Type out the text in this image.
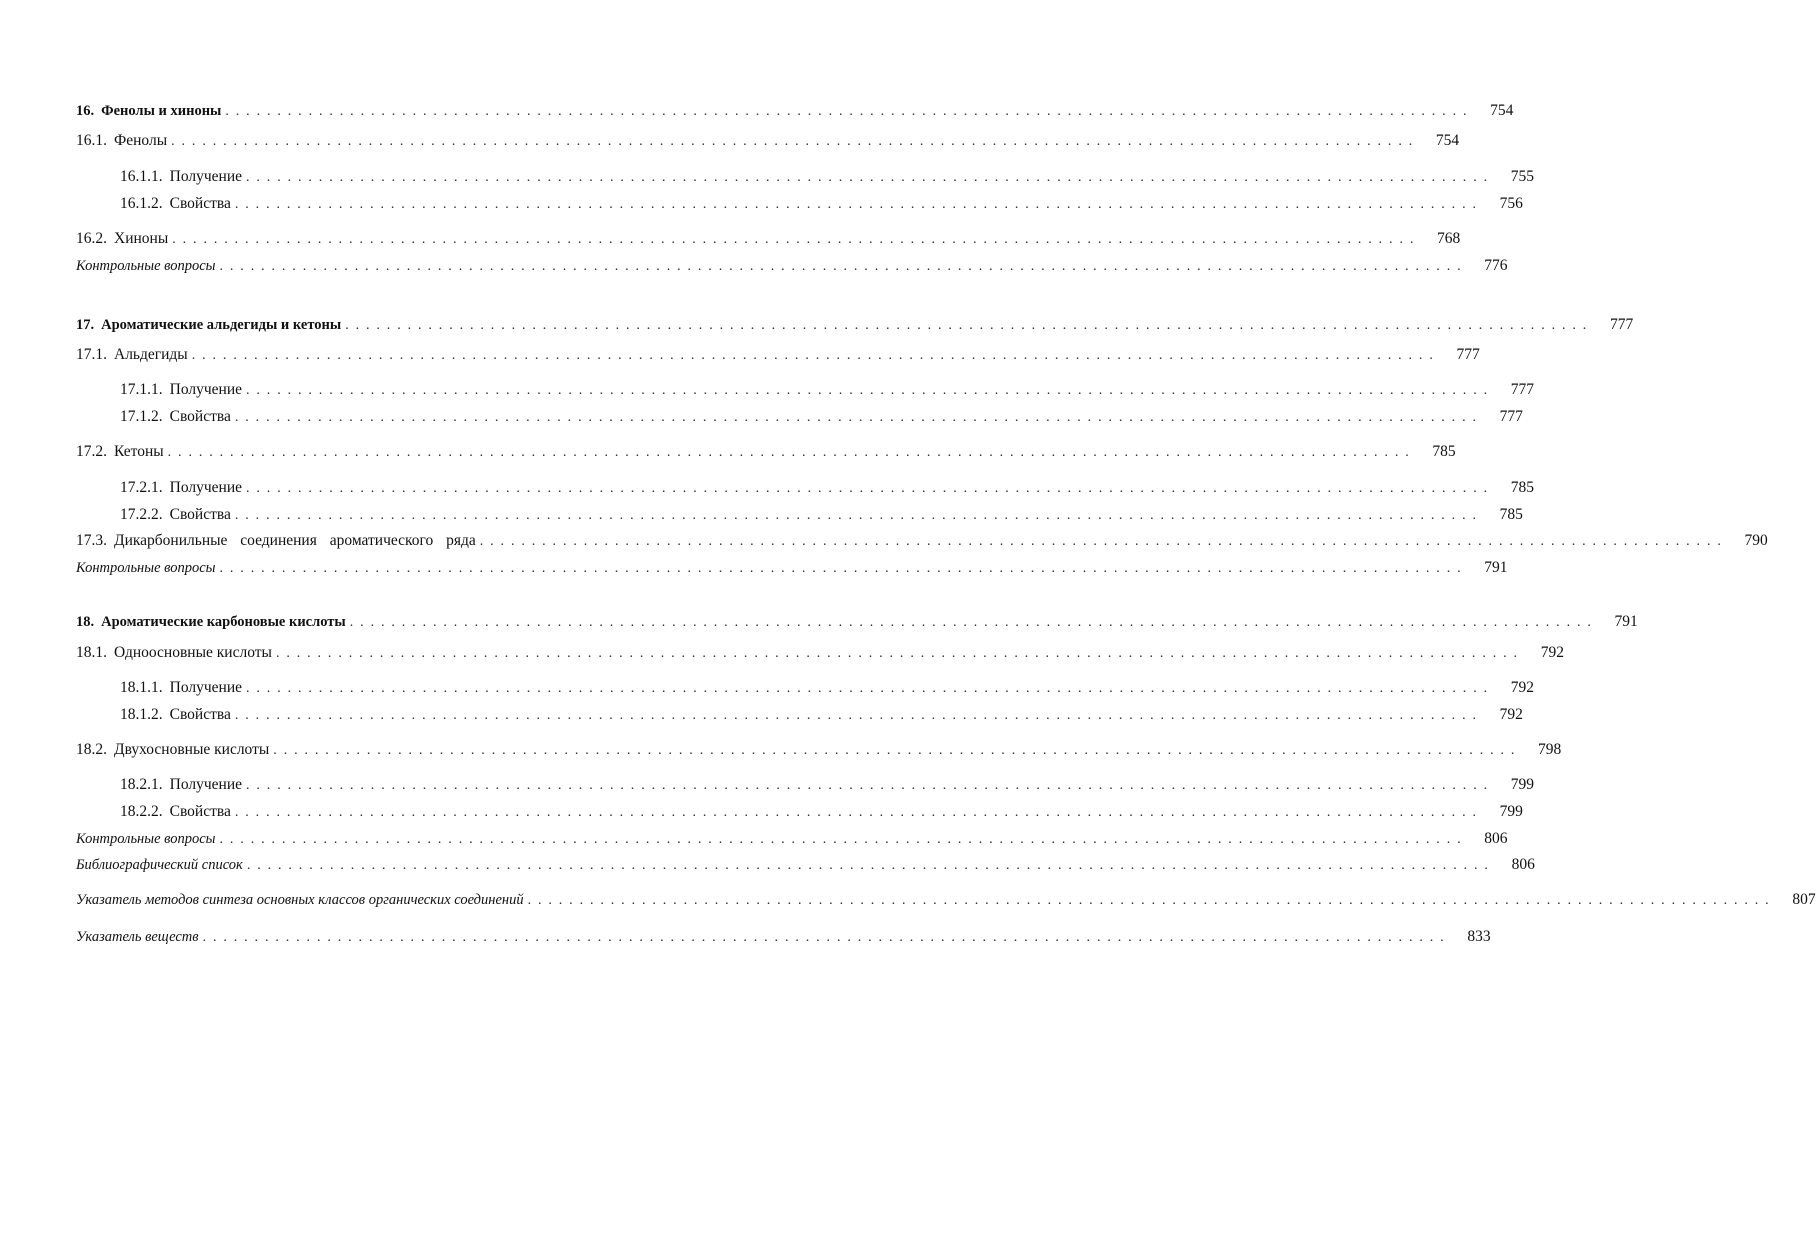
16. Фенолы и хиноны ........................................................................................................................	754
16.1. Фенолы ........................................................................................................................	754
16.1.1. Получение ........................................................................................................................	755
16.1.2. Свойства ........................................................................................................................	756
16.2. Хиноны ........................................................................................................................	768
Контрольные вопросы ........................................................................................................................	776
17. Ароматические альдегиды и кетоны ........................................................................................................................	777
17.1. Альдегиды ........................................................................................................................	777
17.1.1. Получение ........................................................................................................................	777
17.1.2. Свойства ........................................................................................................................	777
17.2. Кетоны ........................................................................................................................	785
17.2.1. Получение ........................................................................................................................	785
17.2.2. Свойства ........................................................................................................................	785
17.3. Дикарбонильные соединения ароматического ряда ........................................................................................................................	790
Контрольные вопросы ........................................................................................................................	791
18. Ароматические карбоновые кислоты ........................................................................................................................	791
18.1. Одноосновные кислоты ........................................................................................................................	792
18.1.1. Получение ........................................................................................................................	792
18.1.2. Свойства ........................................................................................................................	792
18.2. Двухосновные кислоты ........................................................................................................................	798
18.2.1. Получение ........................................................................................................................	799
18.2.2. Свойства ........................................................................................................................	799
Контрольные вопросы ........................................................................................................................	806
Библиографический список ........................................................................................................................	806
Указатель методов синтеза основных классов органических соединений ........................................................................................................................	807
Указатель веществ ........................................................................................................................	833
